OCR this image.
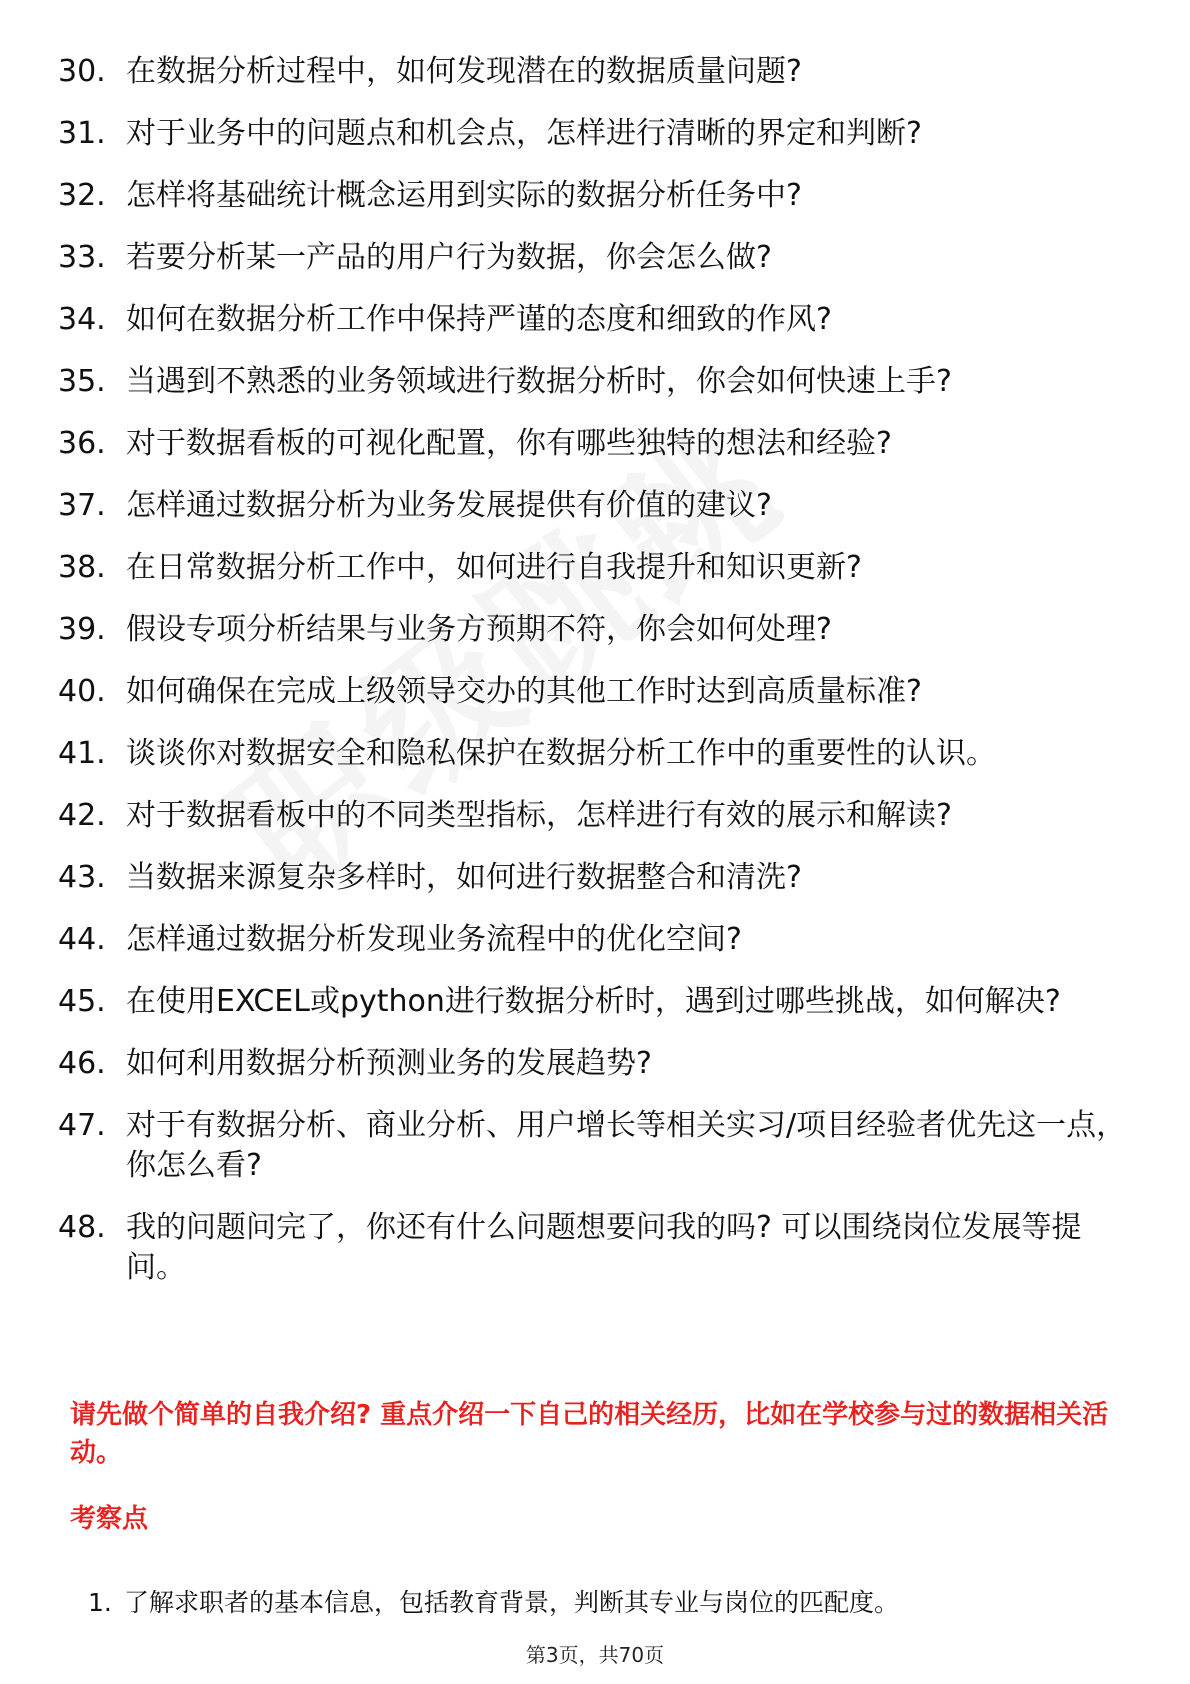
30. 在数据分析过程中，如何发现潜在的数据质量问题?
31. 对于业务中的问题点和机会点，怎样进行清晰的界定和判断?
32. 怎样将基础统计概念运用到实际的数据分析任务中?
33. 若要分析某一产品的用户行为数据，你会怎么做?
34. 如何在数据分析工作中保持严谨的态度和细致的作风?
35. 当遇到不熟悉的业务领域进行数据分析时，你会如何快速上手?
36. 对于数据看板的可视化配置，你有哪些独特的想法和经验?
37. 怎样通过数据分析为业务发展提供有价值的建议?
38. 在日常数据分析工作中，如何进行自我提升和知识更新?
39. 假设专项分析结果与业务方预期不符，你会如何处理?
40. 如何确保在完成上级领导交办的其他工作时达到高质量标准?
41. 谈谈你对数据安全和隐私保护在数据分析工作中的重要性的认识。
42. 对于数据看板中的不同类型指标，怎样进行有效的展示和解读?
43. 当数据来源复杂多样时，如何进行数据整合和清洗?
44. 怎样通过数据分析发现业务流程中的优化空间?
45. 在使用EXCEL或python进行数据分析时，遇到过哪些挑战，如何解决?
46. 如何利用数据分析预测业务的发展趋势?
47. 对于有数据分析、商业分析、用户增长等相关实习/项目经验者优先这一点，你怎么看?
48. 我的问题问完了，你还有什么问题想要问我的吗? 可以围绕岗位发展等提问。
请先做个简单的自我介绍? 重点介绍一下自己的相关经历，比如在学校参与过的数据相关活动。
考察点
1. 了解求职者的基本信息，包括教育背景，判断其专业与岗位的匹配度。
第3页，共70页
